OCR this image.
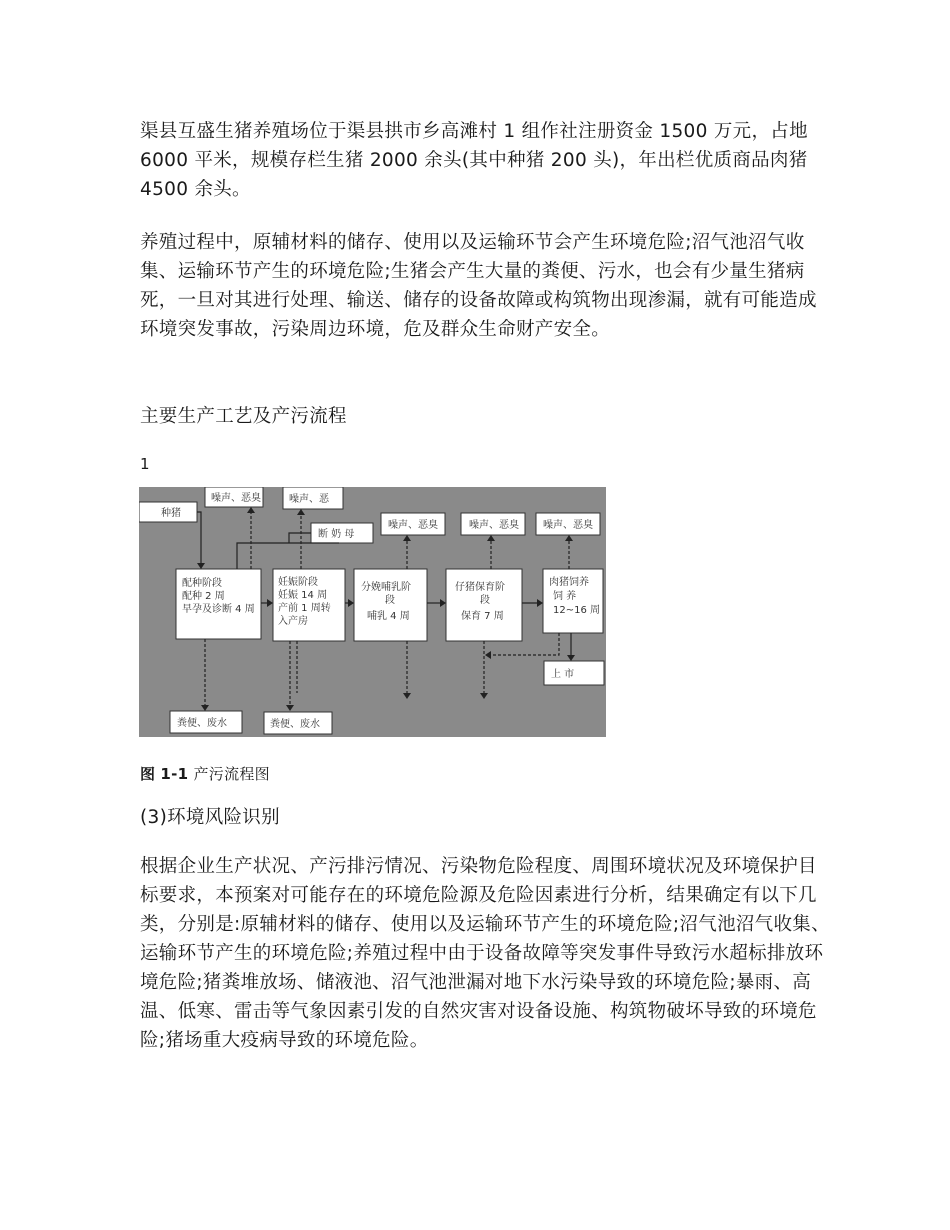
渠县互盛生猪养殖场位于渠县拱市乡高滩村 1 组作社注册资金 1500 万元，占地 6000 平米，规模存栏生猪 2000 余头(其中种猪 200 头)，年出栏优质商品肉猪 4500 余头。

养殖过程中，原辅材料的储存、使用以及运输环节会产生环境危险;沼气池沼气收集、运输环节产生的环境危险;生猪会产生大量的粪便、污水，也会有少量生猪病死，一旦对其进行处理、输送、储存的设备故障或构筑物出现渗漏，就有可能造成环境突发事故，污染周边环境，危及群众生命财产安全。

主要生产工艺及产污流程

1

种猪
噪声、恶臭	噪声、恶
断 奶 母
噪声、恶臭	噪声、恶臭 噪声、恶臭
配种阶段
配种 2 周
早孕及诊断 4 周
妊娠阶段
妊娠 14 周
产前 1 周转
入产房
分娩哺乳阶
段
哺乳 4 周
仔猪保育阶
段
保育 7 周
肉猪饲养
饲 养
12~16 周
上 市
粪便、废水	粪便、废水

图 1-1 产污流程图

(3)环境风险识别

根据企业生产状况、产污排污情况、污染物危险程度、周围环境状况及环境保护目标要求，本预案对可能存在的环境危险源及危险因素进行分析，结果确定有以下几类，分别是:原辅材料的储存、使用以及运输环节产生的环境危险;沼气池沼气收集、运输环节产生的环境危险;养殖过程中由于设备故障等突发事件导致污水超标排放环境危险;猪粪堆放场、储液池、沼气池泄漏对地下水污染导致的环境危险;暴雨、高温、低寒、雷击等气象因素引发的自然灾害对设备设施、构筑物破坏导致的环境危险;猪场重大疫病导致的环境危险。
